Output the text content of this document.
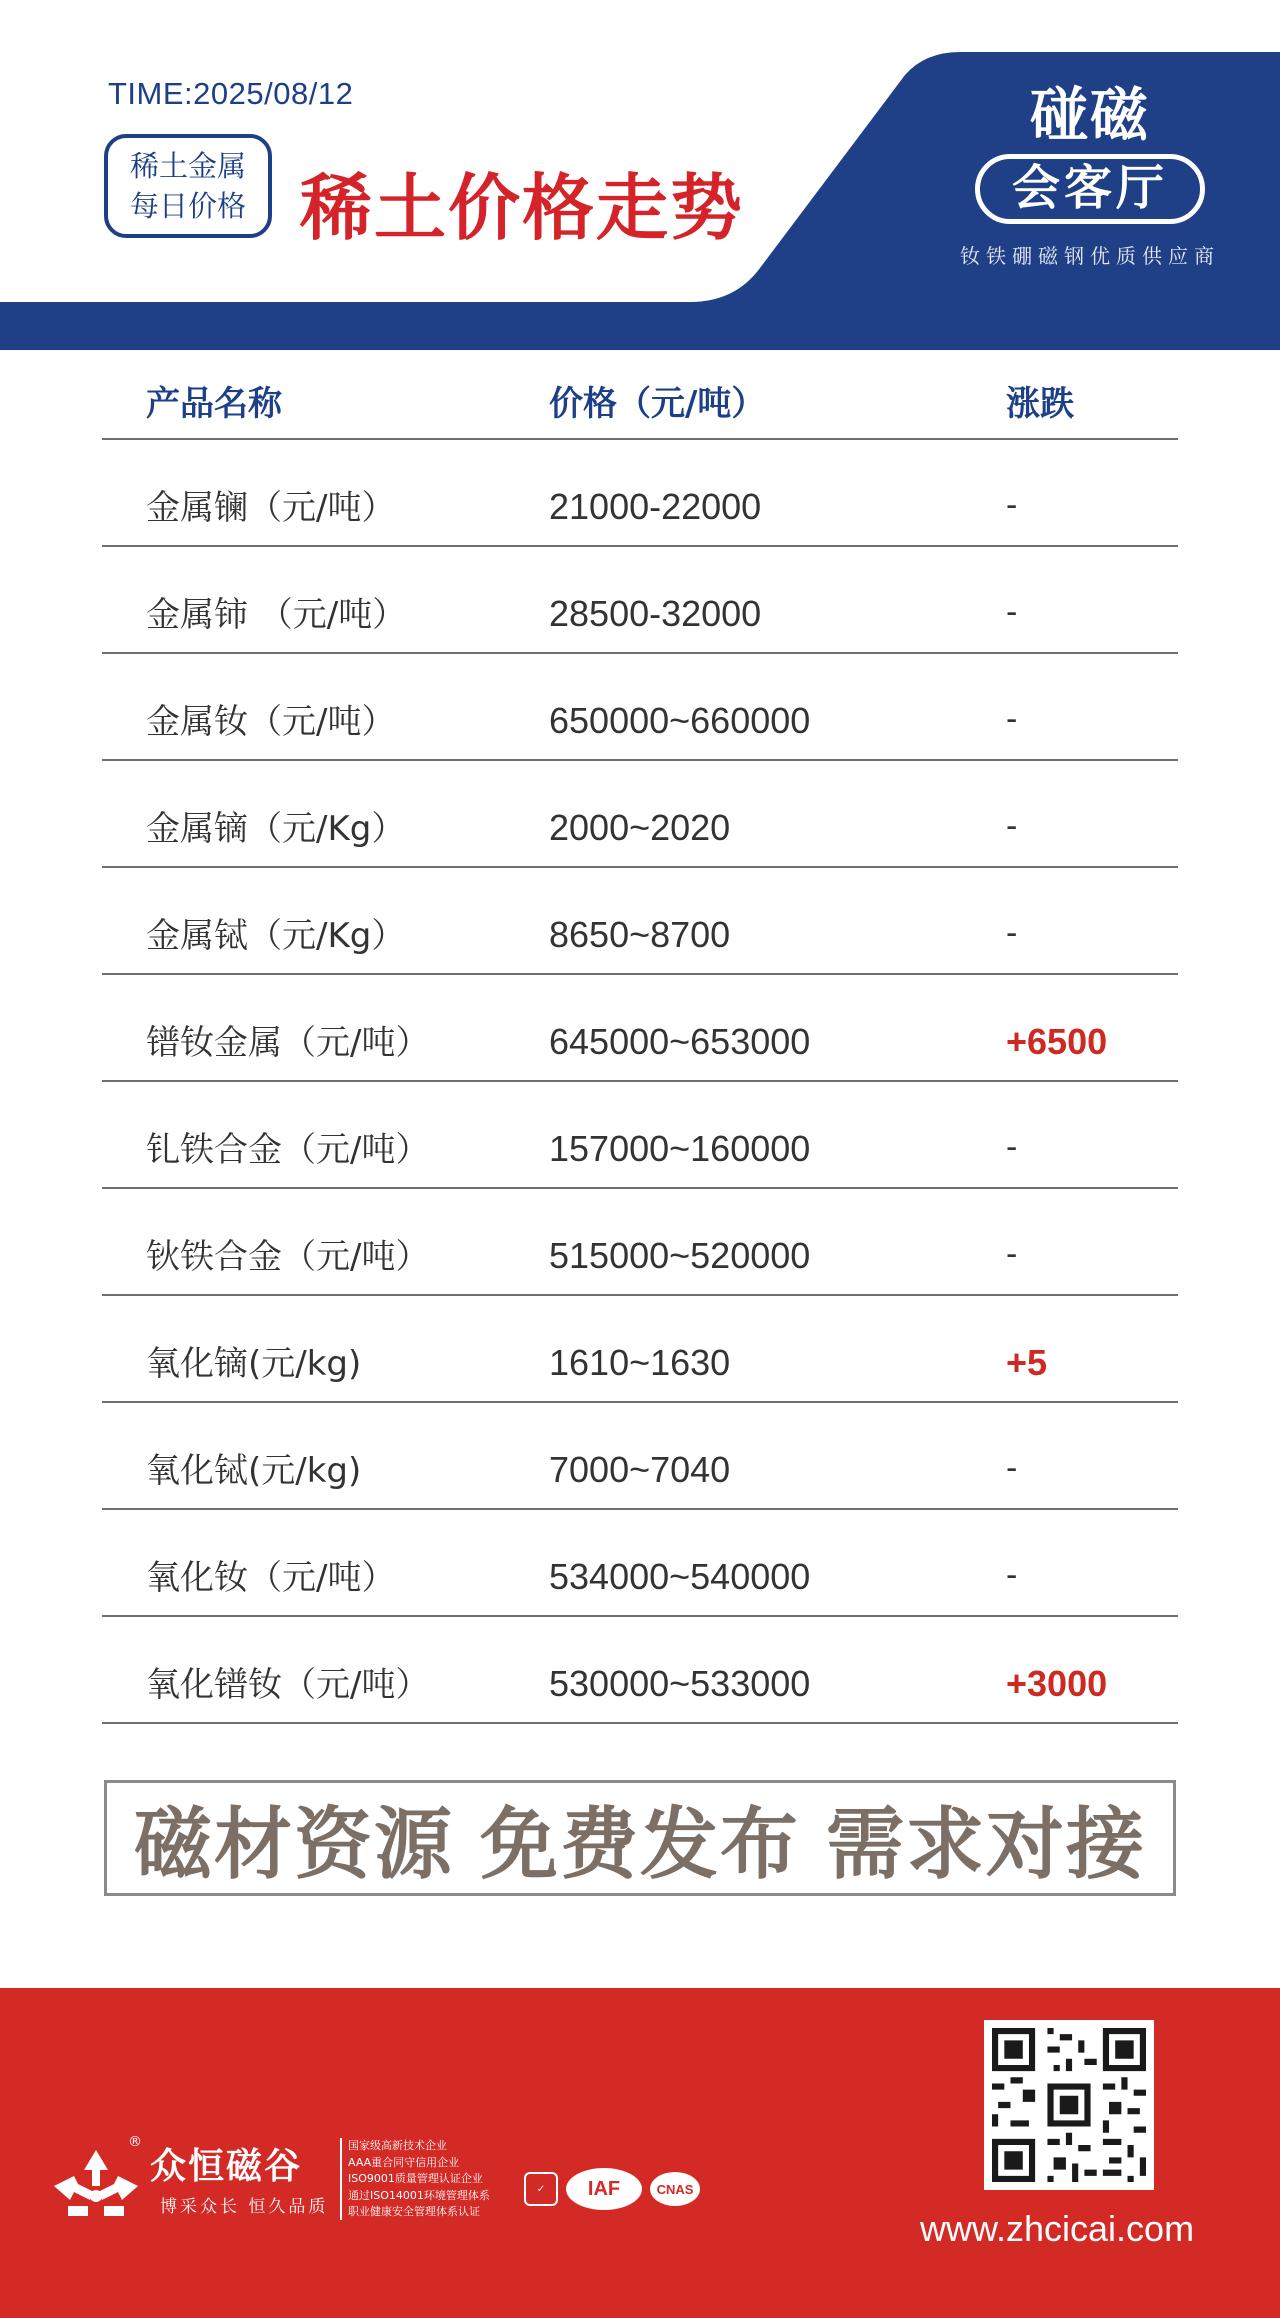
TIME:2025/08/12
稀土金属
每日价格 稀土价格走势
碰磁
会客厅
钕铁硼磁钢优质供应商
产品名称	价格（元/吨）	涨跌
金属镧（元/吨）	21000-22000	-
金属铈 （元/吨）	28500-32000	-
金属钕（元/吨）	650000~660000	-
金属镝（元/Kg）	2000~2020	-
金属铽（元/Kg）	8650~8700	-
镨钕金属（元/吨）	645000~653000	+6500
钆铁合金（元/吨）	157000~160000	-
钬铁合金（元/吨）	515000~520000	-
氧化镝(元/kg)	1610~1630	+5
氧化铽(元/kg)	7000~7040	-
氧化钕（元/吨）	534000~540000	-
氧化镨钕（元/吨）	530000~533000	+3000
磁材资源 免费发布 需求对接
®
众恒磁谷
博采众长 恒久品质
国家级高新技术企业
AAA重合同守信用企业
ISO9001质量管理认证企业
通过ISO14001环境管理体系
职业健康安全管理体系认证
✓	IAF	CNAS
www.zhcicai.com
